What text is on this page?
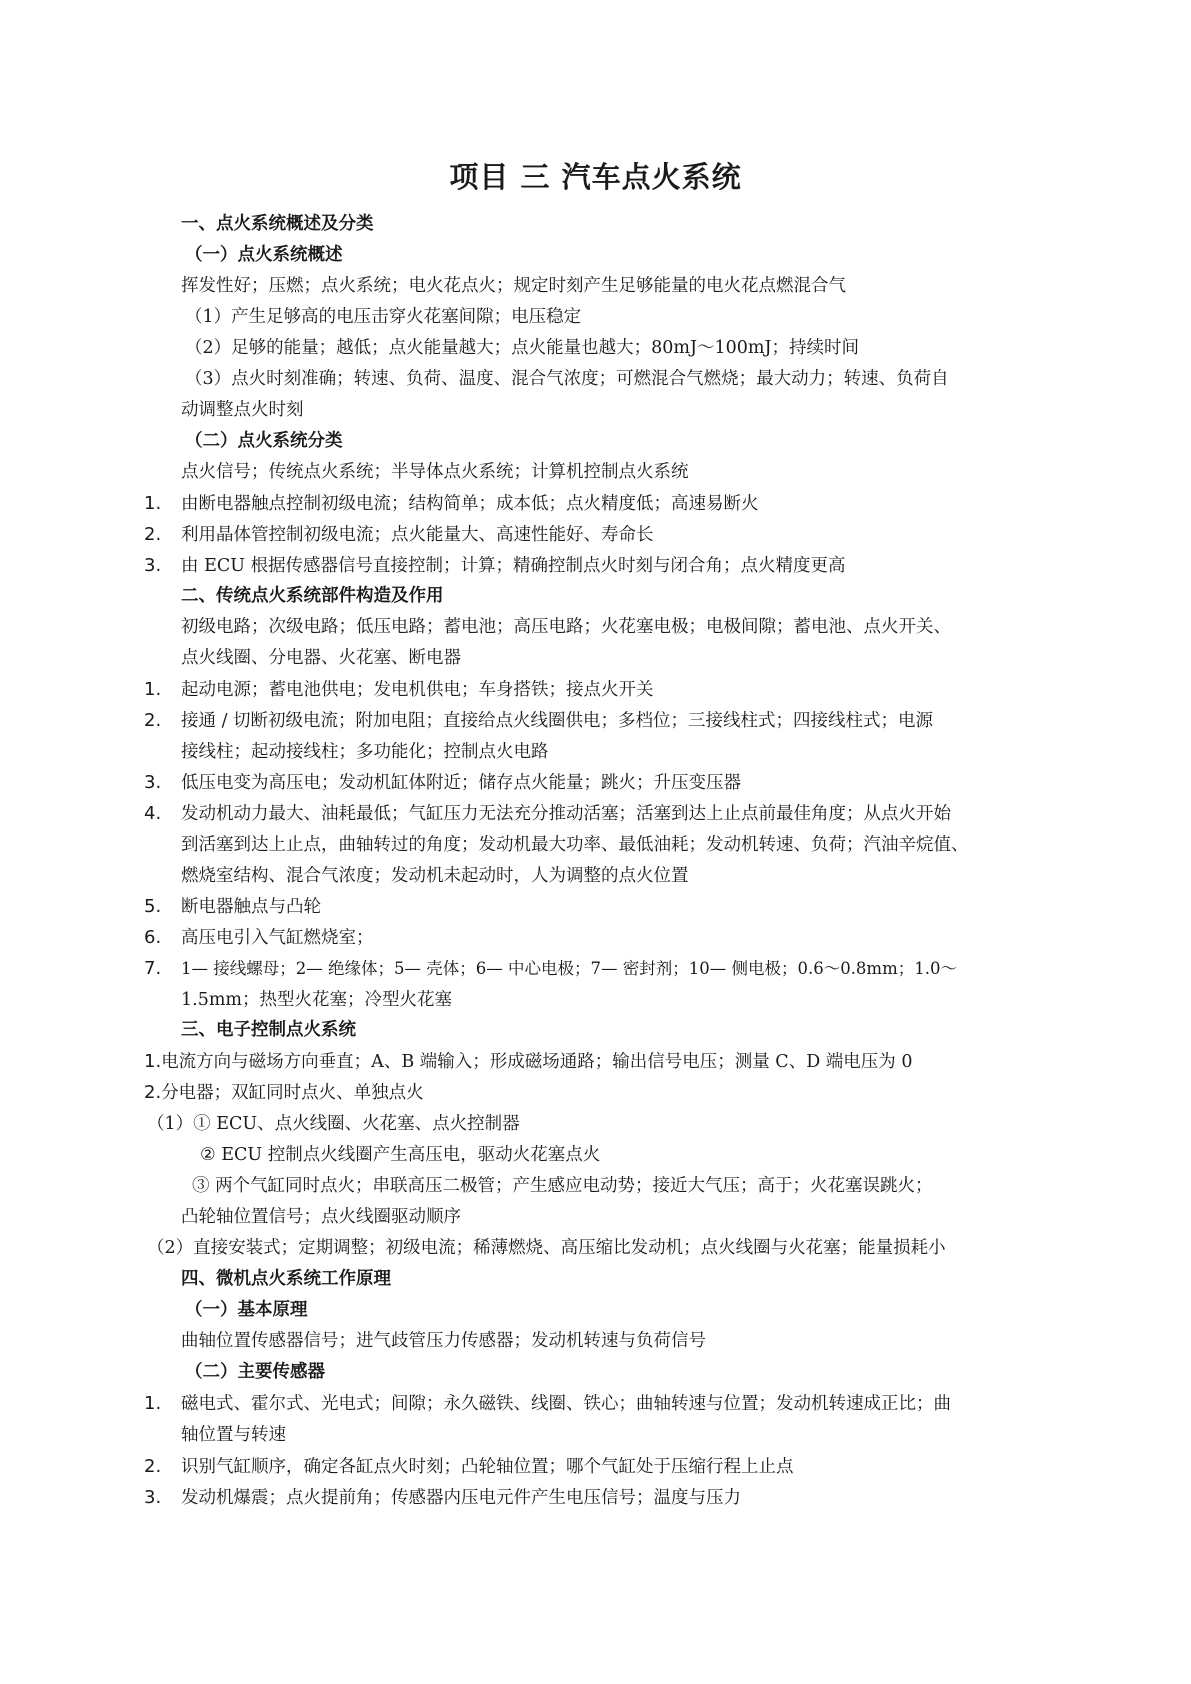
项目 三 汽车点火系统
一、点火系统概述及分类
（一）点火系统概述
挥发性好；压燃；点火系统；电火花点火；规定时刻产生足够能量的电火花点燃混合气
（1）产生足够高的电压击穿火花塞间隙；电压稳定
（2）足够的能量；越低；点火能量越大；点火能量也越大；80mJ～100mJ；持续时间
（3）点火时刻准确；转速、负荷、温度、混合气浓度；可燃混合气燃烧；最大动力；转速、负荷自
动调整点火时刻
（二）点火系统分类
点火信号；传统点火系统；半导体点火系统；计算机控制点火系统
1. 由断电器触点控制初级电流；结构简单；成本低；点火精度低；高速易断火
2. 利用晶体管控制初级电流；点火能量大、高速性能好、寿命长
3. 由 ECU 根据传感器信号直接控制；计算；精确控制点火时刻与闭合角；点火精度更高
二、传统点火系统部件构造及作用
初级电路；次级电路；低压电路；蓄电池；高压电路；火花塞电极；电极间隙；蓄电池、点火开关、
点火线圈、分电器、火花塞、断电器
1. 起动电源；蓄电池供电；发电机供电；车身搭铁；接点火开关
2. 接通 / 切断初级电流；附加电阻；直接给点火线圈供电；多档位；三接线柱式；四接线柱式；电源
接线柱；起动接线柱；多功能化；控制点火电路
3. 低压电变为高压电；发动机缸体附近；储存点火能量；跳火；升压变压器
4. 发动机动力最大、油耗最低；气缸压力无法充分推动活塞；活塞到达上止点前最佳角度；从点火开始
到活塞到达上止点，曲轴转过的角度；发动机最大功率、最低油耗；发动机转速、负荷；汽油辛烷值、
燃烧室结构、混合气浓度；发动机未起动时，人为调整的点火位置
5. 断电器触点与凸轮
6. 高压电引入气缸燃烧室；
7. 1— 接线螺母；2— 绝缘体；5— 壳体；6— 中心电极；7— 密封剂；10— 侧电极；0.6～0.8mm；1.0～
1.5mm；热型火花塞；冷型火花塞
三、电子控制点火系统
1.电流方向与磁场方向垂直；A、B 端输入；形成磁场通路；输出信号电压；测量 C、D 端电压为 0
2.分电器；双缸同时点火、单独点火
（1）① ECU、点火线圈、火花塞、点火控制器
② ECU 控制点火线圈产生高压电，驱动火花塞点火
③ 两个气缸同时点火；串联高压二极管；产生感应电动势；接近大气压；高于；火花塞误跳火；
凸轮轴位置信号；点火线圈驱动顺序
（2）直接安装式；定期调整；初级电流；稀薄燃烧、高压缩比发动机；点火线圈与火花塞；能量损耗小
四、微机点火系统工作原理
（一）基本原理
曲轴位置传感器信号；进气歧管压力传感器；发动机转速与负荷信号
（二）主要传感器
1. 磁电式、霍尔式、光电式；间隙；永久磁铁、线圈、铁心；曲轴转速与位置；发动机转速成正比；曲
轴位置与转速
2. 识别气缸顺序，确定各缸点火时刻；凸轮轴位置；哪个气缸处于压缩行程上止点
3. 发动机爆震；点火提前角；传感器内压电元件产生电压信号；温度与压力
